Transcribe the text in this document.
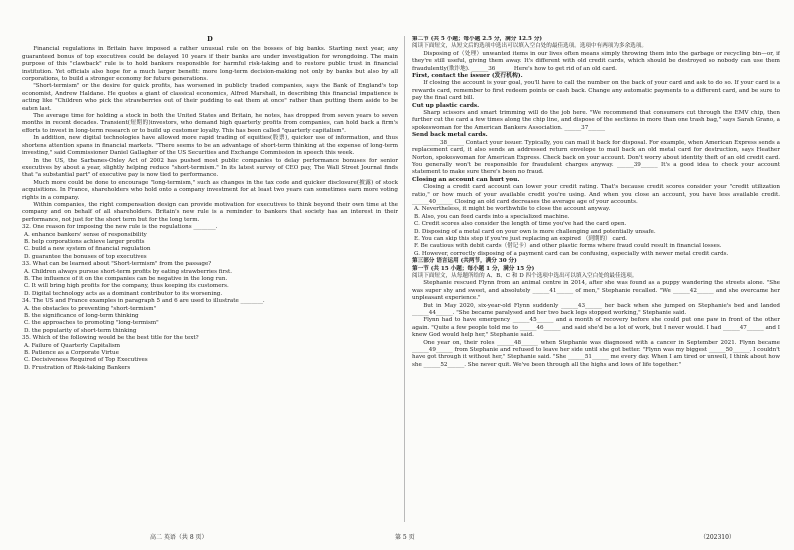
D

Financial regulations in Britain have imposed a rather unusual rule on the bosses of big banks. Starting next year, any guaranteed bonus of top executives could be delayed 10 years if their banks are under investigation for wrongdoing. The main purpose of this "clawback" rule is to hold bankers responsible for harmful risk-taking and to restore public trust in financial institution. Yet officials also hope for a much larger benefit: more long-term decision-making not only by banks but also by all corporations, to build a stronger economy for future generations.

"Short-termism" or the desire for quick profits, has worsened in publicly traded companies, says the Bank of England's top economist, Andrew Haldane. He quotes a giant of classical economics, Alfred Marshall, in describing this financial impatience is acting like "Children who pick the strawberries out of their pudding to eat them at once" rather than putting them aside to be eaten last.

The average time for holding a stock in both the United States and Britain, he notes, has dropped from seven years to seven months in recent decades. Transient(短期的)investors, who demand high quarterly profits from companies, can hold back a firm's efforts to invest in long-term research or to build up customer loyalty. This has been called "quarterly capitalism".

In addition, new digital technologies have allowed more rapid trading of equities(股票), quicker use of information, and thus shortens attention spans in financial markets. "There seems to be an advantage of short-term thinking at the expense of long-term investing," said Commissioner Daniel Gallagher of the US Securities and Exchange Commission in speech this week.

In the US, the Sarbanes-Oxley Act of 2002 has pushed most public companies to delay performance bonuses for senior executives by about a year, slightly helping reduce "short-termism." In its latest survey of CEO pay, The Wall Street Journal finds that "a substantial part" of executive pay is now tied to performance.

Much more could be done to encourage "long-termism," such as changes in the tax code and quicker disclosure(披露) of stock acquisitions. In France, shareholders who hold onto a company investment for at least two years can sometimes earn more voting rights in a company.

Within companies, the right compensation design can provide motivation for executives to think beyond their own time at the company and on behalf of all shareholders. Britain's new rule is a reminder to bankers that society has an interest in their performance, not just for the short term but for the long term.

32. One reason for imposing the new rule is the regulations ________.
A. enhance bankers' sense of responsibility
B. help corporations achieve larger profits
C. build a new system of financial regulation
D. guarantee the bonuses of top executives
33. What can be learned about "Short-termism" from the passage?
A. Children always pursue short-term profits by eating strawberries first.
B. The influence of it on the companies can be negative in the long run.
C. It will bring high profits for the company, thus keeping its customers.
D. Digital technology acts as a dominant contributor to its worsening.
34. The US and France examples in paragraph 5 and 6 are used to illustrate ________.
A. the obstacles to preventing "short-termism"
B. the significance of long-term thinking
C. the approaches to promoting "long-termism"
D. the popularity of short-term thinking
35. Which of the following would be the best title for the text?
A. Failure of Quarterly Capitalism
B. Patience as a Corporate Virtue
C. Decisiveness Required of Top Executives
D. Frustration of Risk-taking Bankers
第二节 (共 5 小题；每小题 2.5 分，满分 12.5 分)
阅读下面短文，从短文后的选项中选出可以填入空白处的最佳选项。选项中有两项为多余选项。

Disposing of（处理）unwanted items in our lives often means simply throwing them into the garbage or recycling bin—or, if they're still useful, giving them away. It's different with old credit cards, which should be destroyed so nobody can use them fraudulently(欺诈地). ______36______ Here's how to get rid of an old card.

First, contact the issuer (发行机构).

If closing the account is your goal, you'll have to call the number on the back of your card and ask to do so. If your card is a rewards card, remember to first redeem points or cash back. Change any automatic payments to a different card, and be sure to pay the final card bill.

Cut up plastic cards.

Sharp scissors and smart trimming will do the job here. "We recommend that consumers cut through the EMV chip, then further cut the card a few times along the chip line, and dispose of the sections in more than one trash bag," says Sarah Grano, a spokeswoman for the American Bankers Association. ______37______

Send back metal cards.

______38______ Contact your issuer. Typically, you can mail it back for disposal. For example, when American Express sends a replacement card, it also sends an addressed return envelope to mail back an old metal card for destruction, says Heather Norton, spokeswoman for American Express. Check back on your account. Don't worry about identity theft of an old credit card. You generally won't be responsible for fraudulent charges anyway. ______39______ It's a good idea to check your account statement to make sure there's been no fraud.

Closing an account can hurt you.

Closing a credit card account can lower your credit rating. That's because credit scores consider your "credit utilization ratio," or how much of your available credit you're using. And when you close an account, you have less available credit. ______40______ Closing an old card decreases the average age of your accounts.

A. Nevertheless, it might be worthwhile to close the account anyway.
B. Also, you can feed cards into a specialized machine.
C. Credit scores also consider the length of time you've had the card open.
D. Disposing of a metal card on your own is more challenging and potentially unsafe.
E. You can skip this step if you're just replacing an expired （到期的） card.
F. Be cautious with debit cards（借记卡）and other plastic forms where fraud could result in financial losses.
G. However, correctly disposing of a payment card can be confusing, especially with newer metal credit cards.
第三部分 语言运用 (共两节，满分 30 分)
第一节 (共 15 小题；每小题 1 分，满分 15 分)
阅读下面短文，从每题所给的 A、B、C 和 D 四个选项中选出可以填入空白处的最佳选项。

Stephanie rescued Flynn from an animal centre in 2014, after she was found as a puppy wandering the streets alone. "She was super shy and sweet, and absolutely ______41______ of men," Stephanie recalled. "We ______42______ and she overcame her unpleasant experience."

But in May 2020, six-year-old Flynn suddenly ______43______ her back when she jumped on Stephanie's bed and landed ______44______. "She became paralysed and her two back legs stopped working," Stephanie said.

Flynn had to have emergency ______45______ and a month of recovery before she could put one paw in front of the other again. "Quite a few people told me to ______46______ and said she'd be a lot of work, but I never would. I had ______47______ and I knew God would help her," Stephanie said.

One year on, their roles ______48______ when Stephanie was diagnosed with a cancer in September 2021. Flynn became ______49______ from Stephanie and refused to leave her side until she got better. "Flynn was my biggest ______50______. I couldn't have got through it without her," Stephanie said. "She ______51______ me every day. When I am tired or unwell, I think about how she ______52______. She never quit. We've been through all the highs and lows of life together."

高二 英语（共 8 页）	第 5 页	（202310）
